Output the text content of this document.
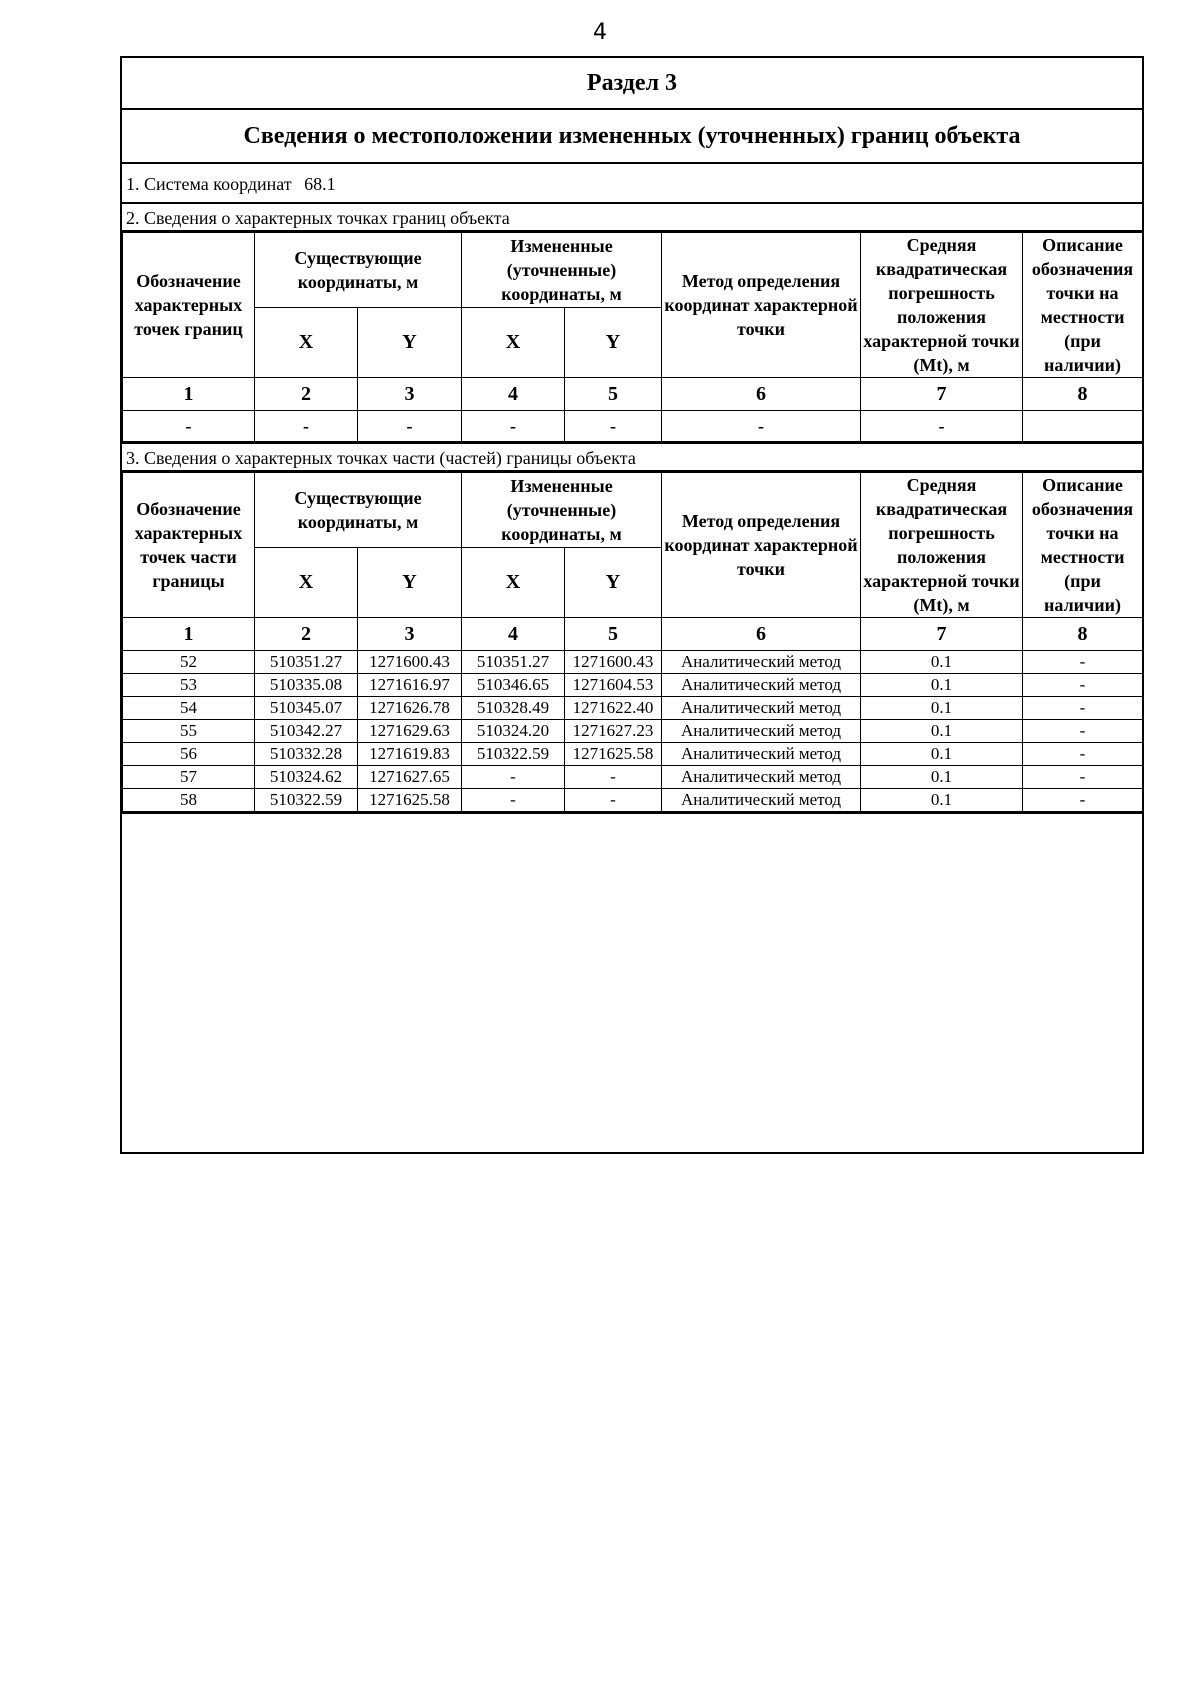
4
Раздел 3
Сведения о местоположении измененных (уточненных) границ объекта
1. Система координат 68.1
2. Сведения о характерных точках границ объекта
Обозначение характерных точек границ	Существующие координаты, м		Измененные (уточненные) координаты, м		Метод определения координат характерной точки	Средняя квадратическая погрешность положения характерной точки (Mt), м	Описание обозначения точки на местности (при наличии)
	X	Y	X	Y			
1	2	3	4	5	6	7	8
-	-	-	-	-	-	-	
3. Сведения о характерных точках части (частей) границы объекта
Обозначение характерных точек части границы	Существующие координаты, м		Измененные (уточненные) координаты, м		Метод определения координат характерной точки	Средняя квадратическая погрешность положения характерной точки (Mt), м	Описание обозначения точки на местности (при наличии)
	X	Y	X	Y			
1	2	3	4	5	6	7	8
52	510351.27	1271600.43	510351.27	1271600.43	Аналитический метод	0.1	-
53	510335.08	1271616.97	510346.65	1271604.53	Аналитический метод	0.1	-
54	510345.07	1271626.78	510328.49	1271622.40	Аналитический метод	0.1	-
55	510342.27	1271629.63	510324.20	1271627.23	Аналитический метод	0.1	-
56	510332.28	1271619.83	510322.59	1271625.58	Аналитический метод	0.1	-
57	510324.62	1271627.65	-	-	Аналитический метод	0.1	-
58	510322.59	1271625.58	-	-	Аналитический метод	0.1	-
